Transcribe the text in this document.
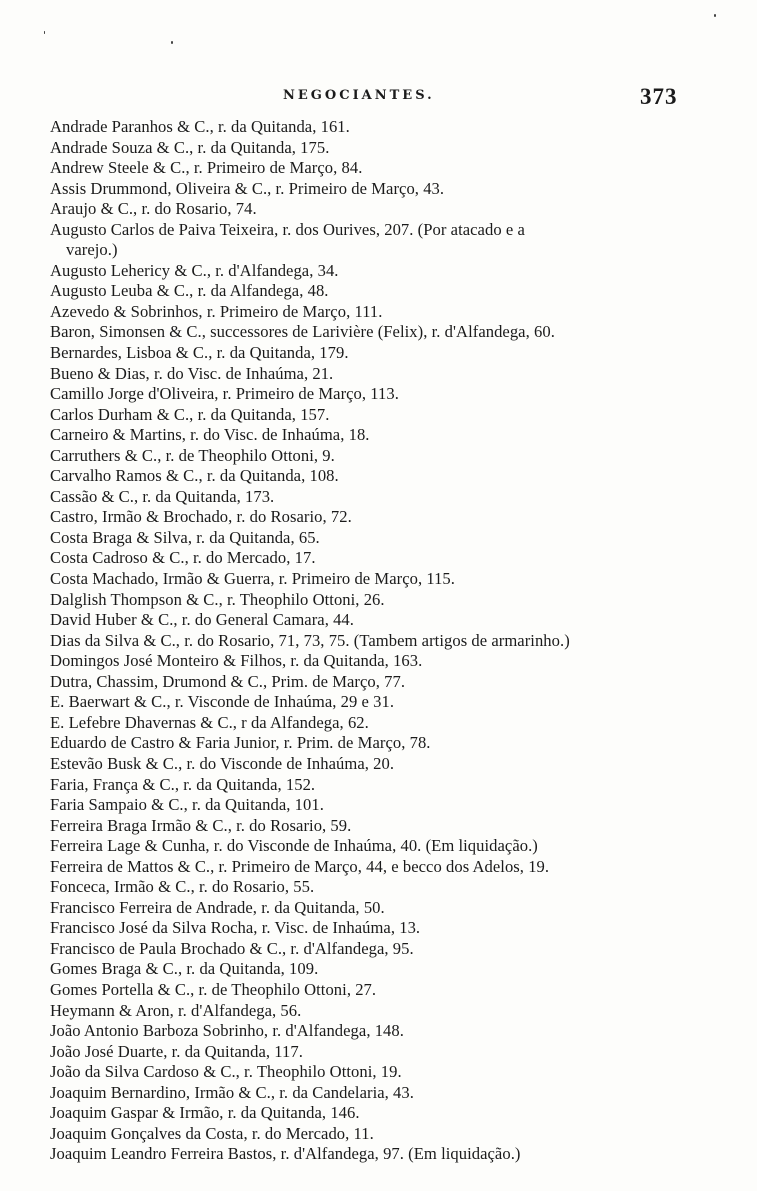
NEGOCIANTES.	373
Andrade Paranhos & C., r. da Quitanda, 161.
Andrade Souza & C., r. da Quitanda, 175.
Andrew Steele & C., r. Primeiro de Março, 84.
Assis Drummond, Oliveira & C., r. Primeiro de Março, 43.
Araujo & C., r. do Rosario, 74.
Augusto Carlos de Paiva Teixeira, r. dos Ourives, 207. (Por atacado e a
varejo.)
Augusto Lehericy & C., r. d'Alfandega, 34.
Augusto Leuba & C., r. da Alfandega, 48.
Azevedo & Sobrinhos, r. Primeiro de Março, 111.
Baron, Simonsen & C., successores de Larivière (Felix), r. d'Alfandega, 60.
Bernardes, Lisboa & C., r. da Quitanda, 179.
Bueno & Dias, r. do Visc. de Inhaúma, 21.
Camillo Jorge d'Oliveira, r. Primeiro de Março, 113.
Carlos Durham & C., r. da Quitanda, 157.
Carneiro & Martins, r. do Visc. de Inhaúma, 18.
Carruthers & C., r. de Theophilo Ottoni, 9.
Carvalho Ramos & C., r. da Quitanda, 108.
Cassão & C., r. da Quitanda, 173.
Castro, Irmão & Brochado, r. do Rosario, 72.
Costa Braga & Silva, r. da Quitanda, 65.
Costa Cadroso & C., r. do Mercado, 17.
Costa Machado, Irmão & Guerra, r. Primeiro de Março, 115.
Dalglish Thompson & C., r. Theophilo Ottoni, 26.
David Huber & C., r. do General Camara, 44.
Dias da Silva & C., r. do Rosario, 71, 73, 75. (Tambem artigos de armarinho.)
Domingos José Monteiro & Filhos, r. da Quitanda, 163.
Dutra, Chassim, Drumond & C., Prim. de Março, 77.
E. Baerwart & C., r. Visconde de Inhaúma, 29 e 31.
E. Lefebre Dhavernas & C., r da Alfandega, 62.
Eduardo de Castro & Faria Junior, r. Prim. de Março, 78.
Estevão Busk & C., r. do Visconde de Inhaúma, 20.
Faria, França & C., r. da Quitanda, 152.
Faria Sampaio & C., r. da Quitanda, 101.
Ferreira Braga Irmão & C., r. do Rosario, 59.
Ferreira Lage & Cunha, r. do Visconde de Inhaúma, 40. (Em liquidação.)
Ferreira de Mattos & C., r. Primeiro de Março, 44, e becco dos Adelos, 19.
Fonceca, Irmão & C., r. do Rosario, 55.
Francisco Ferreira de Andrade, r. da Quitanda, 50.
Francisco José da Silva Rocha, r. Visc. de Inhaúma, 13.
Francisco de Paula Brochado & C., r. d'Alfandega, 95.
Gomes Braga & C., r. da Quitanda, 109.
Gomes Portella & C., r. de Theophilo Ottoni, 27.
Heymann & Aron, r. d'Alfandega, 56.
João Antonio Barboza Sobrinho, r. d'Alfandega, 148.
João José Duarte, r. da Quitanda, 117.
João da Silva Cardoso & C., r. Theophilo Ottoni, 19.
Joaquim Bernardino, Irmão & C., r. da Candelaria, 43.
Joaquim Gaspar & Irmão, r. da Quitanda, 146.
Joaquim Gonçalves da Costa, r. do Mercado, 11.
Joaquim Leandro Ferreira Bastos, r. d'Alfandega, 97. (Em liquidação.)
